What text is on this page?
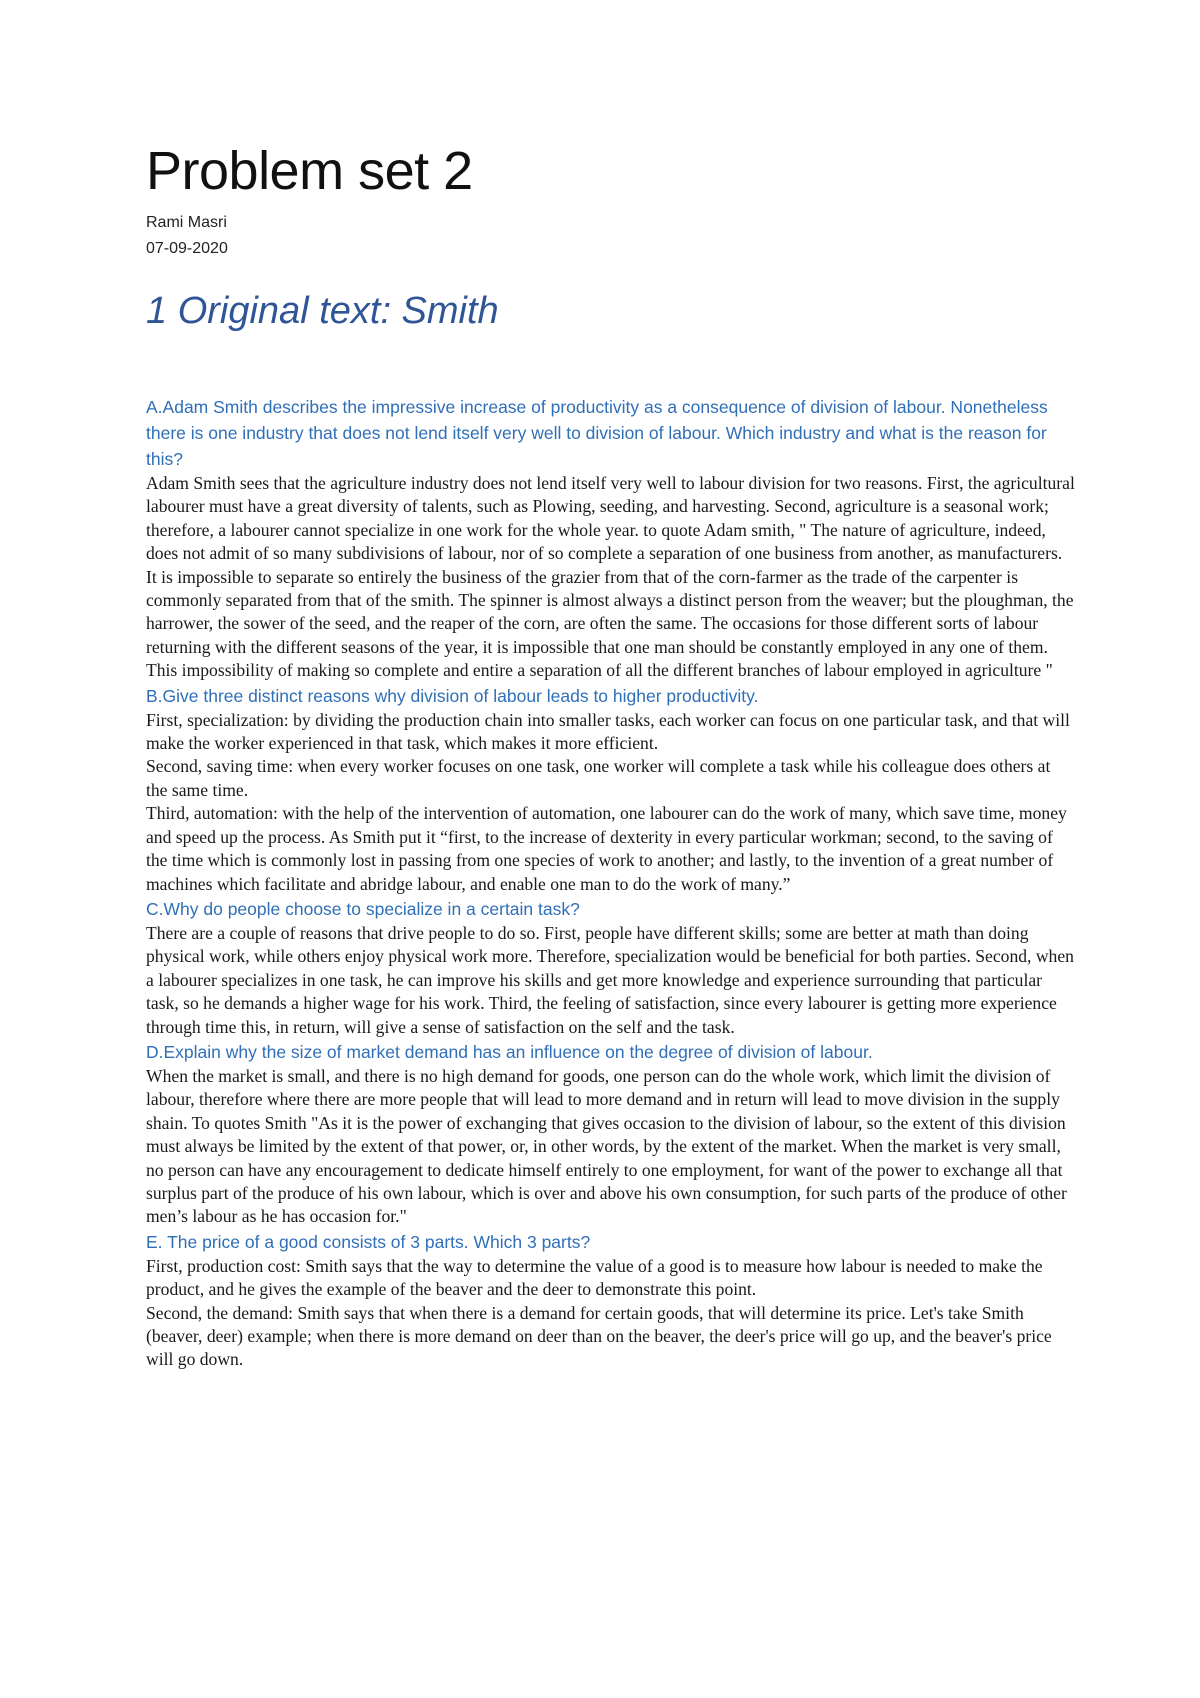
Problem set 2

Rami Masri

07-09-2020

1 Original text: Smith

A.Adam Smith describes the impressive increase of productivity as a consequence of division of labour. Nonetheless there is one industry that does not lend itself very well to division of labour. Which industry and what is the reason for this?

Adam Smith sees that the agriculture industry does not lend itself very well to labour division for two reasons. First, the agricultural labourer must have a great diversity of talents, such as Plowing, seeding, and harvesting. Second, agriculture is a seasonal work; therefore, a labourer cannot specialize in one work for the whole year. to quote Adam smith, " The nature of agriculture, indeed, does not admit of so many subdivisions of labour, nor of so complete a separation of one business from another, as manufacturers. It is impossible to separate so entirely the business of the grazier from that of the corn-farmer as the trade of the carpenter is commonly separated from that of the smith. The spinner is almost always a distinct person from the weaver; but the ploughman, the harrower, the sower of the seed, and the reaper of the corn, are often the same. The occasions for those different sorts of labour returning with the different seasons of the year, it is impossible that one man should be constantly employed in any one of them. This impossibility of making so complete and entire a separation of all the different branches of labour employed in agriculture "

B.Give three distinct reasons why division of labour leads to higher productivity.

First, specialization: by dividing the production chain into smaller tasks, each worker can focus on one particular task, and that will make the worker experienced in that task, which makes it more efficient.
Second, saving time: when every worker focuses on one task, one worker will complete a task while his colleague does others at the same time.
Third, automation: with the help of the intervention of automation, one labourer can do the work of many, which save time, money and speed up the process. As Smith put it “first, to the increase of dexterity in every particular workman; second, to the saving of the time which is commonly lost in passing from one species of work to another; and lastly, to the invention of a great number of machines which facilitate and abridge labour, and enable one man to do the work of many.”

C.Why do people choose to specialize in a certain task?

There are a couple of reasons that drive people to do so. First, people have different skills; some are better at math than doing physical work, while others enjoy physical work more. Therefore, specialization would be beneficial for both parties. Second, when a labourer specializes in one task, he can improve his skills and get more knowledge and experience surrounding that particular task, so he demands a higher wage for his work. Third, the feeling of satisfaction, since every labourer is getting more experience through time this, in return, will give a sense of satisfaction on the self and the task.

D.Explain why the size of market demand has an influence on the degree of division of labour.

When the market is small, and there is no high demand for goods, one person can do the whole work, which limit the division of labour, therefore where there are more people that will lead to more demand and in return will lead to move division in the supply shain. To quotes Smith "As it is the power of exchanging that gives occasion to the division of labour, so the extent of this division must always be limited by the extent of that power, or, in other words, by the extent of the market. When the market is very small, no person can have any encouragement to dedicate himself entirely to one employment, for want of the power to exchange all that surplus part of the produce of his own labour, which is over and above his own consumption, for such parts of the produce of other men’s labour as he has occasion for."

E. The price of a good consists of 3 parts. Which 3 parts?

First, production cost: Smith says that the way to determine the value of a good is to measure how labour is needed to make the product, and he gives the example of the beaver and the deer to demonstrate this point.
Second, the demand: Smith says that when there is a demand for certain goods, that will determine its price. Let's take Smith (beaver, deer) example; when there is more demand on deer than on the beaver, the deer's price will go up, and the beaver's price will go down.
